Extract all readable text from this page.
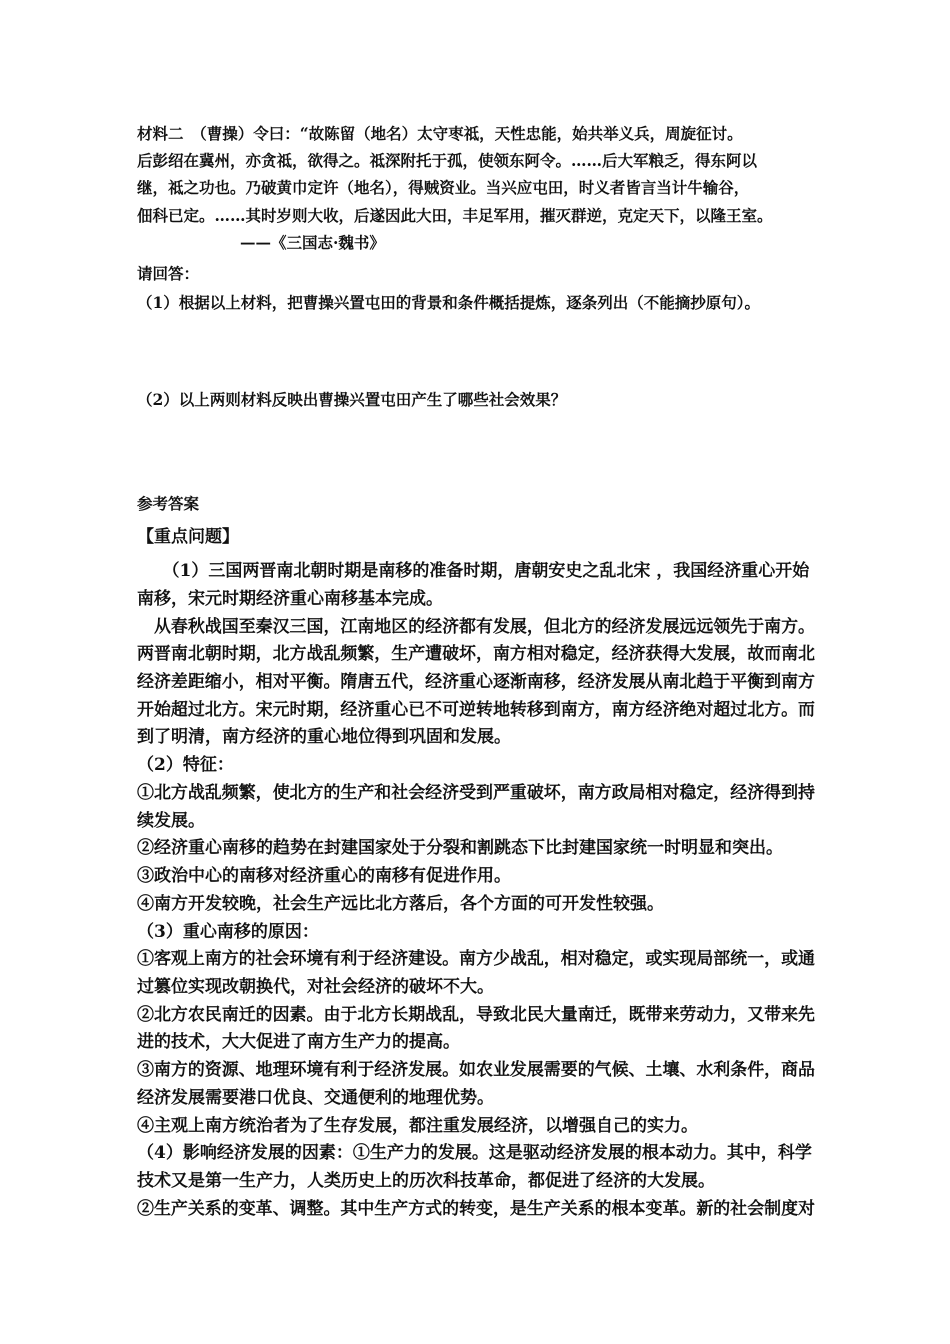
材料二　（曹操）令曰：“故陈留（地名）太守枣祗，天性忠能，始共举义兵，周旋征讨。
后彭绍在冀州，亦贪祗，欲得之。祗深附托于孤，使领东阿令。……后大军粮乏，得东阿以
继，祗之功也。乃破黄巾定许（地名），得贼资业。当兴应屯田，时义者皆言当计牛输谷，
佃科已定。……其时岁则大收，后遂因此大田，丰足军用，摧灭群逆，克定天下，以隆王室。
——《三国志·魏书》
请回答：
（1）根据以上材料，把曹操兴置屯田的背景和条件概括提炼，逐条列出（不能摘抄原句）。
（2）以上两则材料反映出曹操兴置屯田产生了哪些社会效果？
参考答案
【重点问题】
　　（1）三国两晋南北朝时期是南移的准备时期，唐朝安史之乱北宋 ，我国经济重心开始
南移，宋元时期经济重心南移基本完成。
　从春秋战国至秦汉三国，江南地区的经济都有发展，但北方的经济发展远远领先于南方。
两晋南北朝时期，北方战乱频繁，生产遭破坏，南方相对稳定，经济获得大发展，故而南北
经济差距缩小，相对平衡。隋唐五代，经济重心逐渐南移，经济发展从南北趋于平衡到南方
开始超过北方。宋元时期，经济重心已不可逆转地转移到南方，南方经济绝对超过北方。而
到了明清，南方经济的重心地位得到巩固和发展。
（2）特征：
①北方战乱频繁，使北方的生产和社会经济受到严重破坏，南方政局相对稳定，经济得到持
续发展。
②经济重心南移的趋势在封建国家处于分裂和割跳态下比封建国家统一时明显和突出。
③政治中心的南移对经济重心的南移有促进作用。
④南方开发较晚，社会生产远比北方落后，各个方面的可开发性较强。
（3）重心南移的原因：
①客观上南方的社会环境有利于经济建设。南方少战乱，相对稳定，或实现局部统一，或通
过篡位实现改朝换代，对社会经济的破坏不大。
②北方农民南迁的因素。由于北方长期战乱，导致北民大量南迁，既带来劳动力，又带来先
进的技术，大大促进了南方生产力的提高。
③南方的资源、地理环境有利于经济发展。如农业发展需要的气候、土壤、水利条件，商品
经济发展需要港口优良、交通便利的地理优势。
④主观上南方统治者为了生存发展，都注重发展经济，以增强自己的实力。
（4）影响经济发展的因素：①生产力的发展。这是驱动经济发展的根本动力。其中，科学
技术又是第一生产力，人类历史上的历次科技革命，都促进了经济的大发展。
②生产关系的变革、调整。其中生产方式的转变，是生产关系的根本变革。新的社会制度对
